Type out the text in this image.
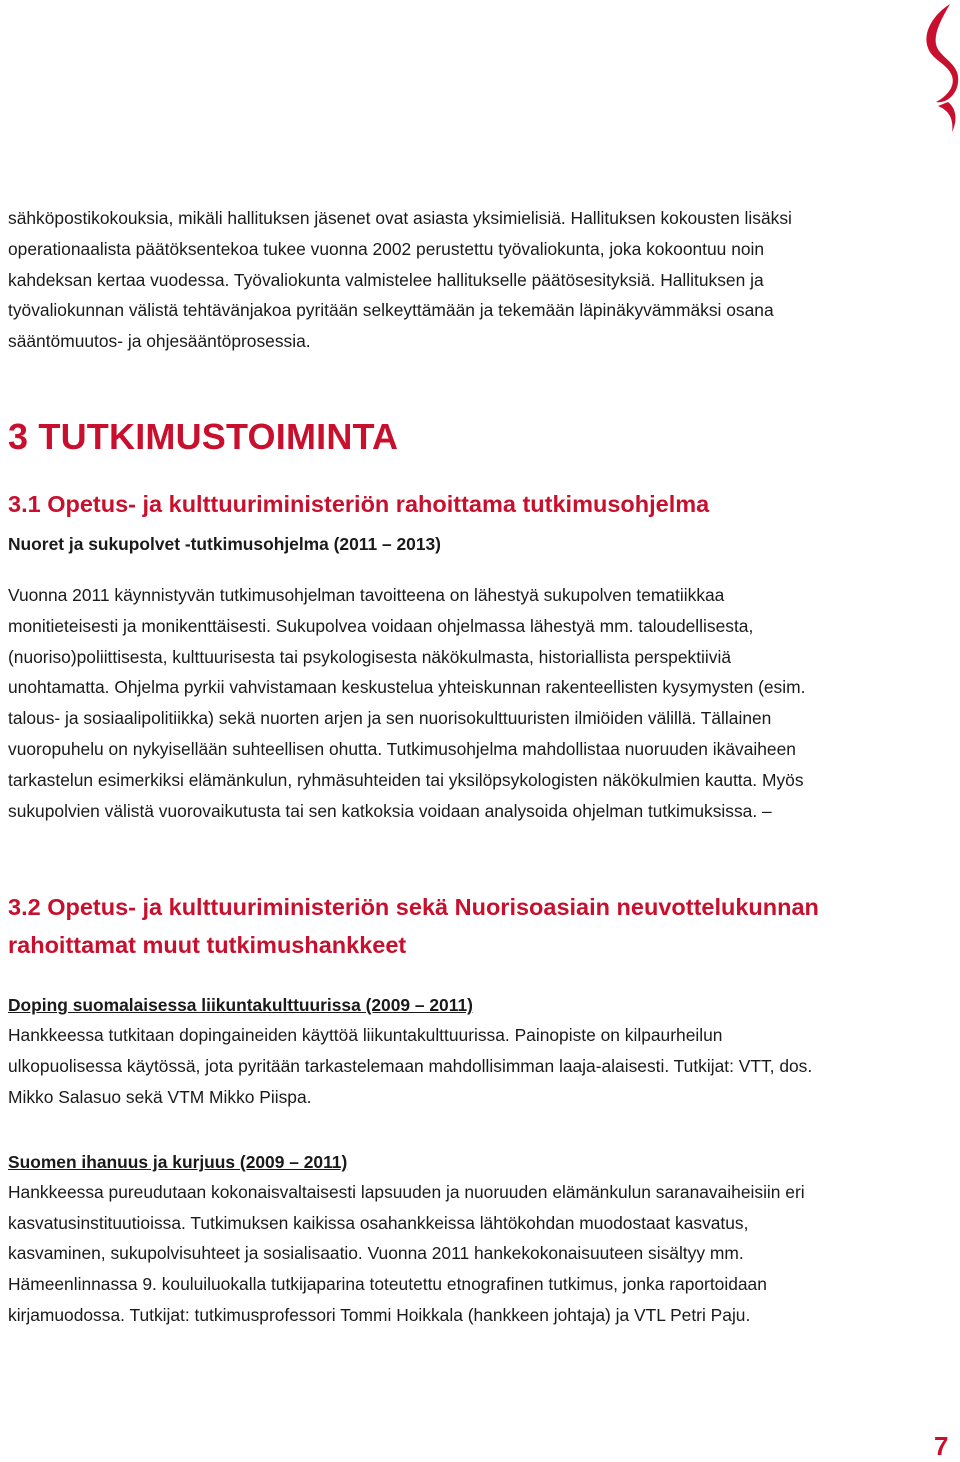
sähköpostikokouksia, mikäli hallituksen jäsenet ovat asiasta yksimielisiä. Hallituksen kokousten lisäksi

operationaalista päätöksentekoa tukee vuonna 2002 perustettu työvaliokunta, joka kokoontuu noin

kahdeksan kertaa vuodessa. Työvaliokunta valmistelee hallitukselle päätösesityksiä. Hallituksen ja

työvaliokunnan välistä tehtävänjakoa pyritään selkeyttämään ja tekemään läpinäkyvämmäksi osana

sääntömuutos- ja ohjesääntöprosessia.

3 TUTKIMUSTOIMINTA
3.1 Opetus- ja kulttuuriministeriön rahoittama tutkimusohjelma
Nuoret ja sukupolvet -tutkimusohjelma (2011 – 2013)

Vuonna 2011 käynnistyvän tutkimusohjelman tavoitteena on lähestyä sukupolven tematiikkaa

monitieteisesti ja monikenttäisesti. Sukupolvea voidaan ohjelmassa lähestyä mm. taloudellisesta,

(nuoriso)poliittisesta, kulttuurisesta tai psykologisesta näkökulmasta, historiallista perspektiiviä

unohtamatta. Ohjelma pyrkii vahvistamaan keskustelua yhteiskunnan rakenteellisten kysymysten (esim.

talous- ja sosiaalipolitiikka) sekä nuorten arjen ja sen nuorisokulttuuristen ilmiöiden välillä. Tällainen

vuoropuhelu on nykyisellään suhteellisen ohutta. Tutkimusohjelma mahdollistaa nuoruuden ikävaiheen

tarkastelun esimerkiksi elämänkulun, ryhmäsuhteiden tai yksilöpsykologisten näkökulmien kautta. Myös

sukupolvien välistä vuorovaikutusta tai sen katkoksia voidaan analysoida ohjelman tutkimuksissa. –

3.2 Opetus- ja kulttuuriministeriön sekä Nuorisoasiain neuvottelukunnan
rahoittamat muut tutkimushankkeet
Doping suomalaisessa liikuntakulttuurissa (2009 – 2011)

Hankkeessa tutkitaan dopingaineiden käyttöä liikuntakulttuurissa. Painopiste on kilpaurheilun

ulkopuolisessa käytössä, jota pyritään tarkastelemaan mahdollisimman laaja-alaisesti. Tutkijat: VTT, dos.

Mikko Salasuo sekä VTM Mikko Piispa.

Suomen ihanuus ja kurjuus (2009 – 2011)

Hankkeessa pureudutaan kokonaisvaltaisesti lapsuuden ja nuoruuden elämänkulun saranavaiheisiin eri

kasvatusinstituutioissa. Tutkimuksen kaikissa osahankkeissa lähtökohdan muodostaat kasvatus,

kasvaminen, sukupolvisuhteet ja sosialisaatio. Vuonna 2011 hankekokonaisuuteen sisältyy mm.

Hämeenlinnassa 9. kouluiluokalla tutkijaparina toteutettu etnografinen tutkimus, jonka raportoidaan

kirjamuodossa. Tutkijat: tutkimusprofessori Tommi Hoikkala (hankkeen johtaja) ja VTL Petri Paju.

7
